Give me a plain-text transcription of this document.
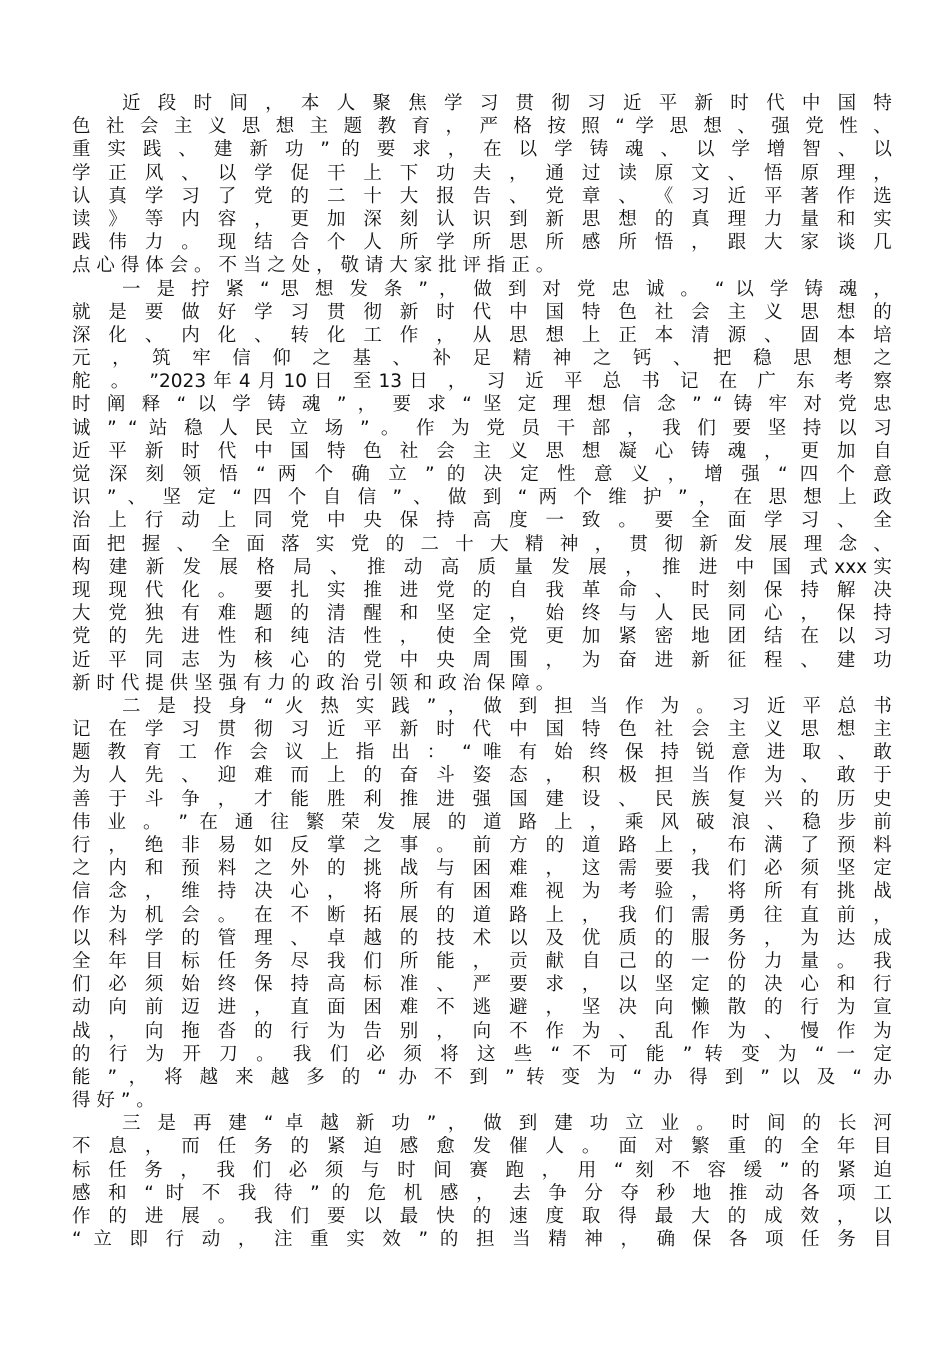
近 段 时 间 ， 本 人 聚 焦 学 习 贯 彻 习 近 平 新 时 代 中 国 特
色 社 会 主 义 思 想 主 题 教 育 ， 严 格 按 照 “ 学 思 想 、 强 党 性 、
重 实 践 、 建 新 功 ” 的 要 求 ， 在 以 学 铸 魂 、 以 学 增 智 、 以
学 正 风 、 以 学 促 干 上 下 功 夫 ， 通 过 读 原 文 、 悟 原 理 ，
认 真 学 习 了 党 的 二 十 大 报 告 、 党 章 、 《 习 近 平 著 作 选
读 》 等 内 容 ， 更 加 深 刻 认 识 到 新 思 想 的 真 理 力 量 和 实
践 伟 力 。 现 结 合 个 人 所 学 所 思 所 感 所 悟 ， 跟 大 家 谈 几
点 心 得 体 会 。 不 当 之 处 ， 敬 请 大 家 批 评 指 正 。
一 是 拧 紧 “ 思 想 发 条 ” ， 做 到 对 党 忠 诚 。 “ 以 学 铸 魂 ，
就 是 要 做 好 学 习 贯 彻 新 时 代 中 国 特 色 社 会 主 义 思 想 的
深 化 、 内 化 、 转 化 工 作 ， 从 思 想 上 正 本 清 源 、 固 本 培
元 ， 筑 牢 信 仰 之 基 、 补 足 精 神 之 钙 、 把 稳 思 想 之
舵 。 ”2023年4月10日 至13日 ， 习 近 平 总 书 记 在 广 东 考 察
时 阐 释 “ 以 学 铸 魂 ” ， 要 求 “ 坚 定 理 想 信 念 ” “ 铸 牢 对 党 忠
诚 ” “ 站 稳 人 民 立 场 ” 。 作 为 党 员 干 部 ， 我 们 要 坚 持 以 习
近 平 新 时 代 中 国 特 色 社 会 主 义 思 想 凝 心 铸 魂 ， 更 加 自
觉 深 刻 领 悟 “ 两 个 确 立 ” 的 决 定 性 意 义 ， 增 强 “ 四 个 意
识 ” 、 坚 定 “ 四 个 自 信 ” 、 做 到 “ 两 个 维 护 ” ， 在 思 想 上 政
治 上 行 动 上 同 党 中 央 保 持 高 度 一 致 。 要 全 面 学 习 、 全
面 把 握 、 全 面 落 实 党 的 二 十 大 精 神 ， 贯 彻 新 发 展 理 念 、
构 建 新 发 展 格 局 、 推 动 高 质 量 发 展 ， 推 进 中 国 式xxx实
现 现 代 化 。 要 扎 实 推 进 党 的 自 我 革 命 、 时 刻 保 持 解 决
大 党 独 有 难 题 的 清 醒 和 坚 定 ， 始 终 与 人 民 同 心 ， 保 持
党 的 先 进 性 和 纯 洁 性 ， 使 全 党 更 加 紧 密 地 团 结 在 以 习
近 平 同 志 为 核 心 的 党 中 央 周 围 ， 为 奋 进 新 征 程 、 建 功
新 时 代 提 供 坚 强 有 力 的 政 治 引 领 和 政 治 保 障 。
二 是 投 身 “ 火 热 实 践 ” ， 做 到 担 当 作 为 。 习 近 平 总 书
记 在 学 习 贯 彻 习 近 平 新 时 代 中 国 特 色 社 会 主 义 思 想 主
题 教 育 工 作 会 议 上 指 出 ： “ 唯 有 始 终 保 持 锐 意 进 取 、 敢
为 人 先 、 迎 难 而 上 的 奋 斗 姿 态 ， 积 极 担 当 作 为 、 敢 于
善 于 斗 争 ， 才 能 胜 利 推 进 强 国 建 设 、 民 族 复 兴 的 历 史
伟 业 。 ” 在 通 往 繁 荣 发 展 的 道 路 上 ， 乘 风 破 浪 、 稳 步 前
行 ， 绝 非 易 如 反 掌 之 事 。 前 方 的 道 路 上 ， 布 满 了 预 料
之 内 和 预 料 之 外 的 挑 战 与 困 难 ， 这 需 要 我 们 必 须 坚 定
信 念 ， 维 持 决 心 ， 将 所 有 困 难 视 为 考 验 ， 将 所 有 挑 战
作 为 机 会 。 在 不 断 拓 展 的 道 路 上 ， 我 们 需 勇 往 直 前 ，
以 科 学 的 管 理 、 卓 越 的 技 术 以 及 优 质 的 服 务 ， 为 达 成
全 年 目 标 任 务 尽 我 们 所 能 ， 贡 献 自 己 的 一 份 力 量 。 我
们 必 须 始 终 保 持 高 标 准 、 严 要 求 ， 以 坚 定 的 决 心 和 行
动 向 前 迈 进 ， 直 面 困 难 不 逃 避 ， 坚 决 向 懒 散 的 行 为 宣
战 ， 向 拖 沓 的 行 为 告 别 ， 向 不 作 为 、 乱 作 为 、 慢 作 为
的 行 为 开 刀 。 我 们 必 须 将 这 些 “ 不 可 能 ” 转 变 为 “ 一 定
能 ” ， 将 越 来 越 多 的 “ 办 不 到 ” 转 变 为 “ 办 得 到 ” 以 及 “ 办
得 好 ” 。
三 是 再 建 “ 卓 越 新 功 ” ， 做 到 建 功 立 业 。 时 间 的 长 河
不 息 ， 而 任 务 的 紧 迫 感 愈 发 催 人 。 面 对 繁 重 的 全 年 目
标 任 务 ， 我 们 必 须 与 时 间 赛 跑 ， 用 “ 刻 不 容 缓 ” 的 紧 迫
感 和 “ 时 不 我 待 ” 的 危 机 感 ， 去 争 分 夺 秒 地 推 动 各 项 工
作 的 进 展 。 我 们 要 以 最 快 的 速 度 取 得 最 大 的 成 效 ， 以
“ 立 即 行 动 ， 注 重 实 效 ” 的 担 当 精 神 ， 确 保 各 项 任 务 目
